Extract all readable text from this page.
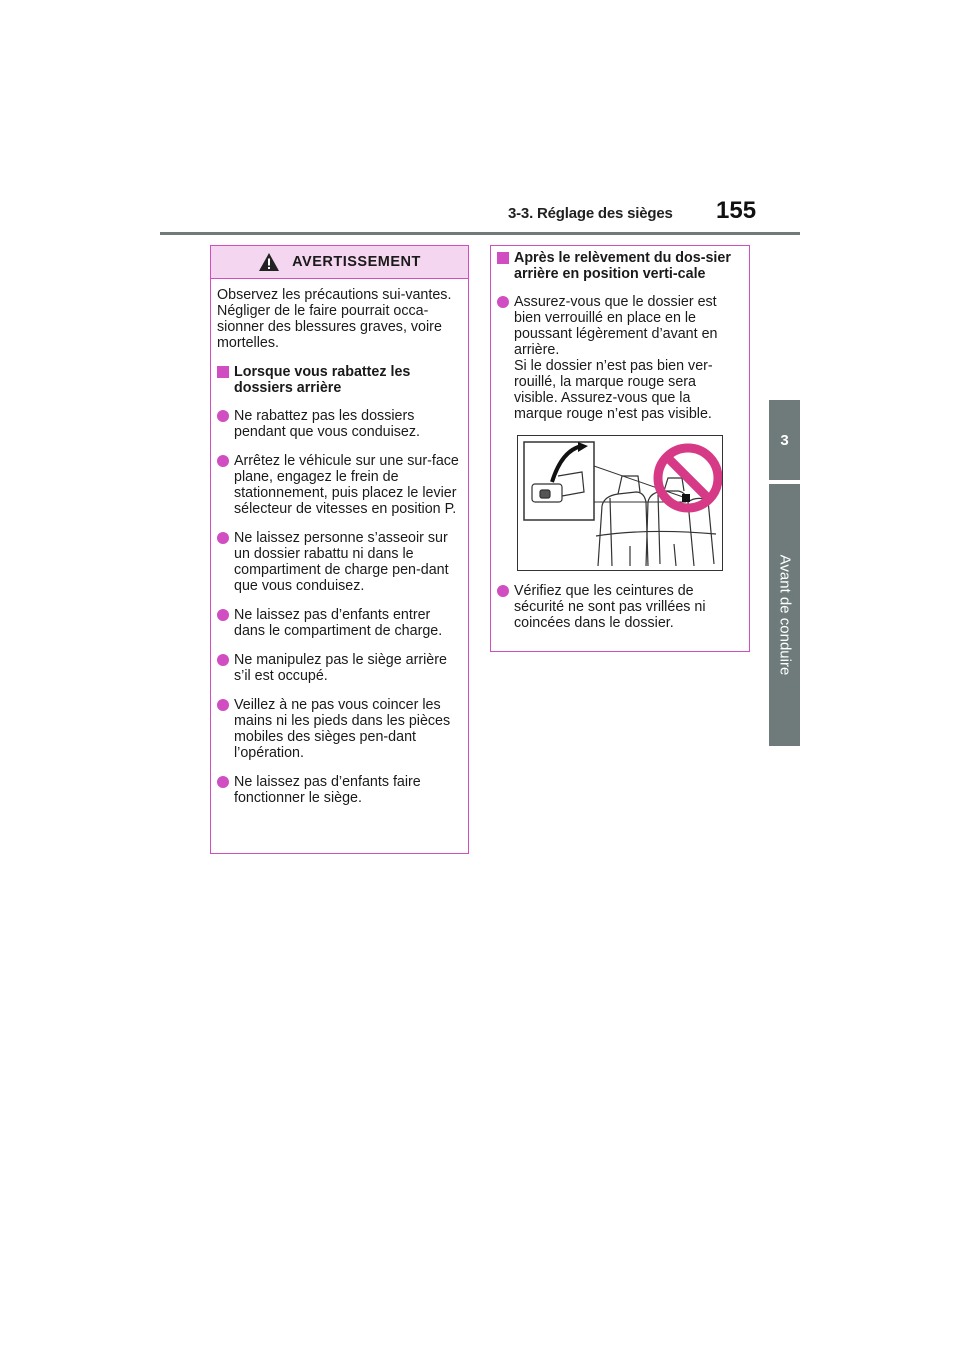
3-3. Réglage des sièges	155
3
Avant de conduire
AVERTISSEMENT
Observez les précautions sui-vantes.
Négliger de le faire pourrait occa-sionner des blessures graves, voire mortelles.
Lorsque vous rabattez les dossiers arrière
Ne rabattez pas les dossiers pendant que vous conduisez.
Arrêtez le véhicule sur une sur-face plane, engagez le frein de stationnement, puis placez le levier sélecteur de vitesses en position P.
Ne laissez personne s’asseoir sur un dossier rabattu ni dans le compartiment de charge pen-dant que vous conduisez.
Ne laissez pas d’enfants entrer dans le compartiment de charge.
Ne manipulez pas le siège arrière s’il est occupé.
Veillez à ne pas vous coincer les mains ni les pieds dans les pièces mobiles des sièges pen-dant l’opération.
Ne laissez pas d’enfants faire fonctionner le siège.
Après le relèvement du dos-sier arrière en position verti-cale
Assurez-vous que le dossier est bien verrouillé en place en le poussant légèrement d’avant en arrière.
Si le dossier n’est pas bien ver-rouillé, la marque rouge sera visible. Assurez-vous que la marque rouge n’est pas visible.
Vérifiez que les ceintures de sécurité ne sont pas vrillées ni coincées dans le dossier.
